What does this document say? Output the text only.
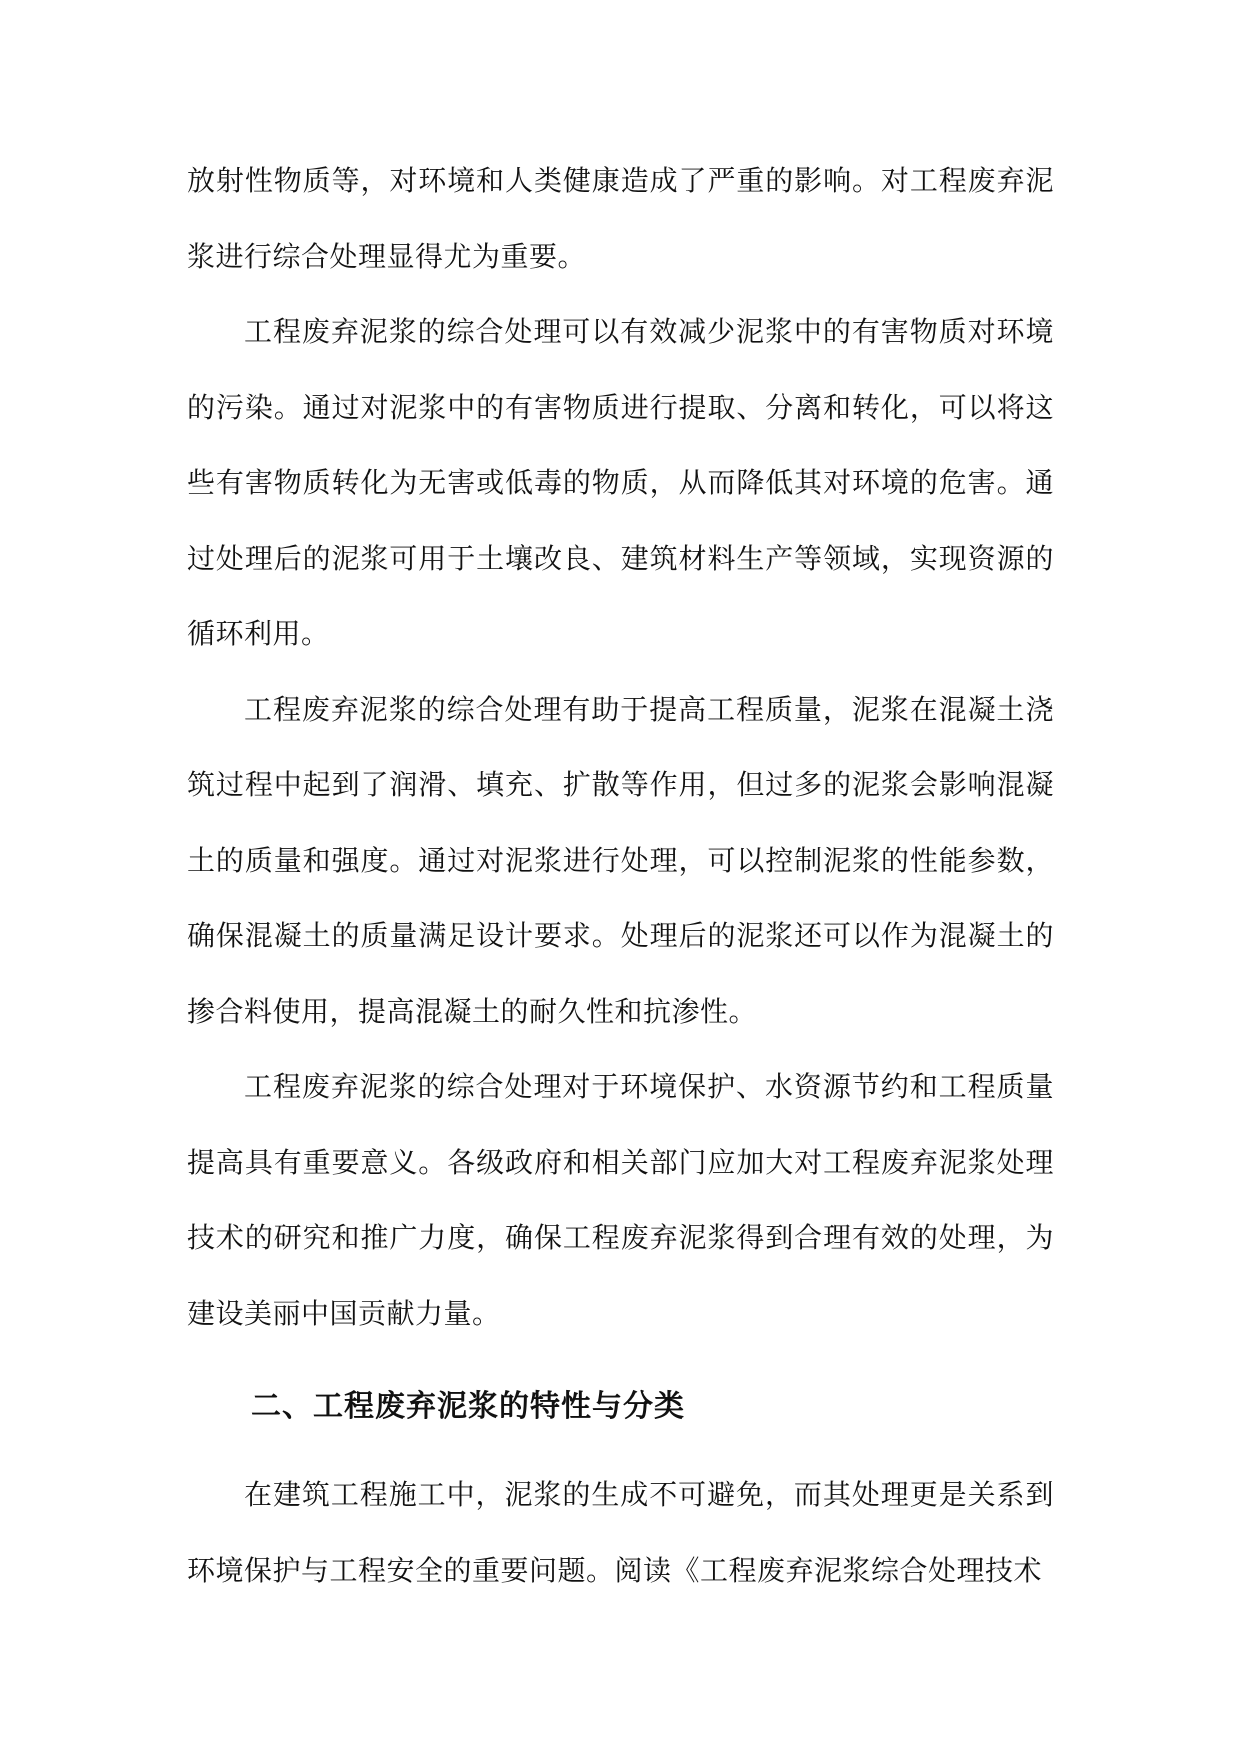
放射性物质等，对环境和人类健康造成了严重的影响。对工程废弃泥浆进行综合处理显得尤为重要。

工程废弃泥浆的综合处理可以有效减少泥浆中的有害物质对环境的污染。通过对泥浆中的有害物质进行提取、分离和转化，可以将这些有害物质转化为无害或低毒的物质，从而降低其对环境的危害。通过处理后的泥浆可用于土壤改良、建筑材料生产等领域，实现资源的循环利用。

工程废弃泥浆的综合处理有助于提高工程质量，泥浆在混凝土浇筑过程中起到了润滑、填充、扩散等作用，但过多的泥浆会影响混凝土的质量和强度。通过对泥浆进行处理，可以控制泥浆的性能参数，确保混凝土的质量满足设计要求。处理后的泥浆还可以作为混凝土的掺合料使用，提高混凝土的耐久性和抗渗性。

工程废弃泥浆的综合处理对于环境保护、水资源节约和工程质量提高具有重要意义。各级政府和相关部门应加大对工程废弃泥浆处理技术的研究和推广力度，确保工程废弃泥浆得到合理有效的处理，为建设美丽中国贡献力量。

二、工程废弃泥浆的特性与分类

在建筑工程施工中，泥浆的生成不可避免，而其处理更是关系到环境保护与工程安全的重要问题。阅读《工程废弃泥浆综合处理技术
